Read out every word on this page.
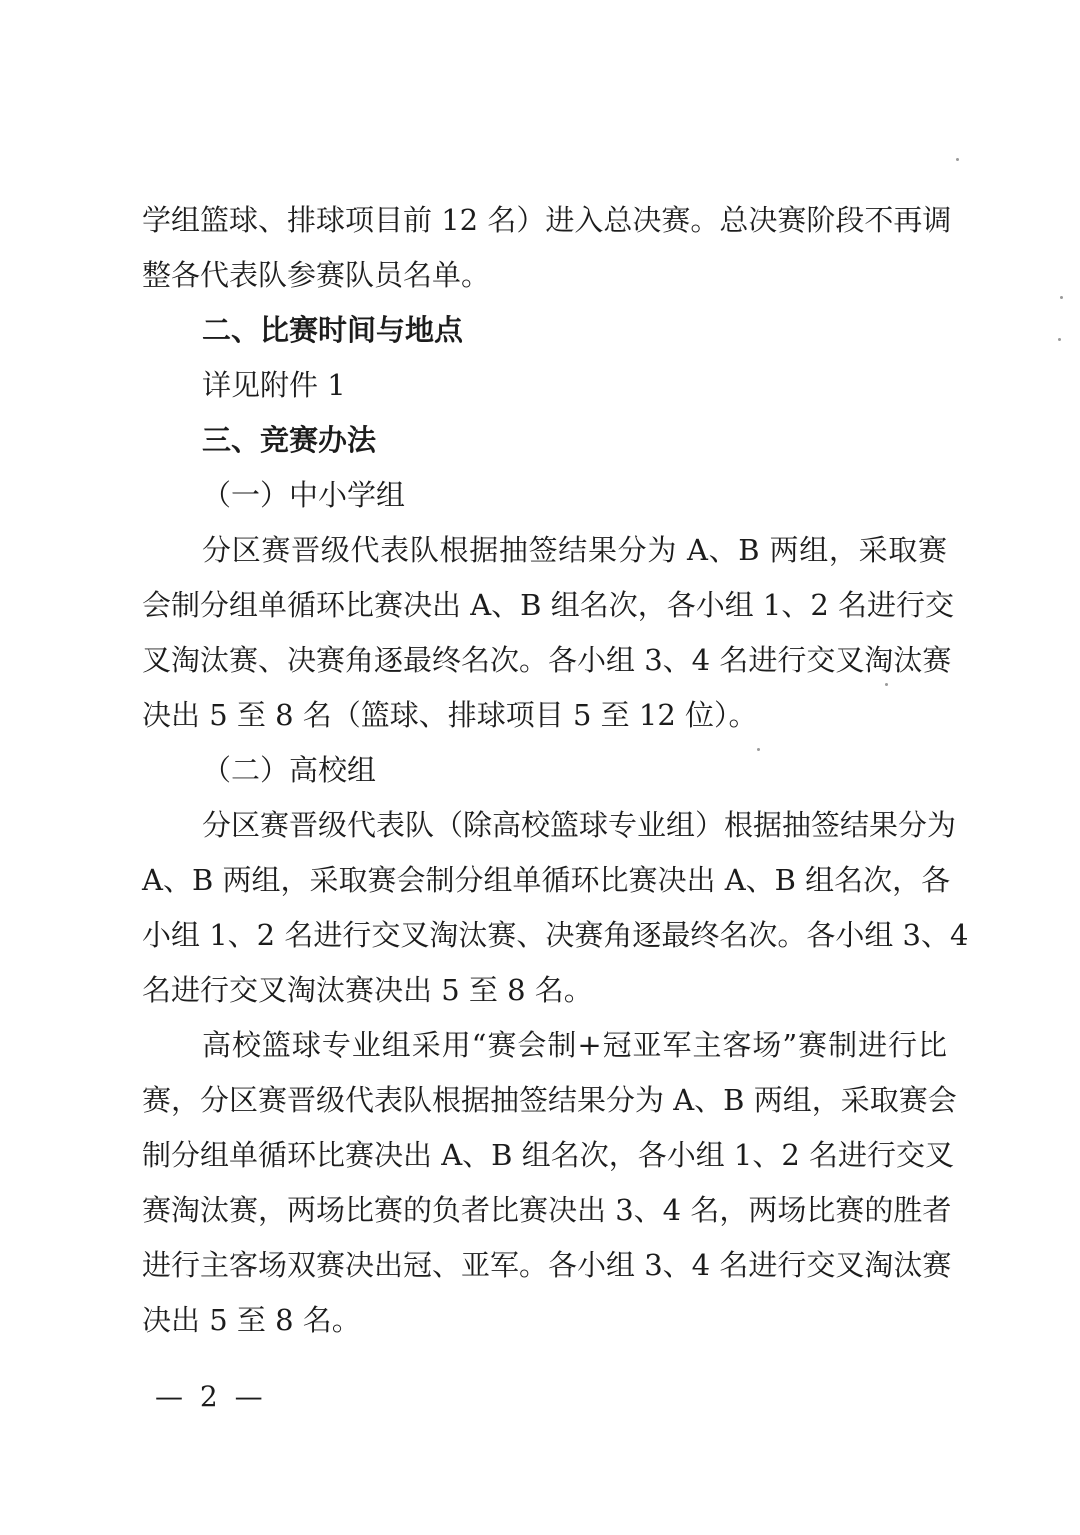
学组篮球、排球项目前 12 名）进入总决赛。总决赛阶段不再调
整各代表队参赛队员名单。
二、比赛时间与地点
详见附件 1
三、竞赛办法
（一）中小学组
分区赛晋级代表队根据抽签结果分为 A、B 两组，采取赛
会制分组单循环比赛决出 A、B 组名次，各小组 1、2 名进行交
叉淘汰赛、决赛角逐最终名次。各小组 3、4 名进行交叉淘汰赛
决出 5 至 8 名（篮球、排球项目 5 至 12 位）。
（二）高校组
分区赛晋级代表队（除高校篮球专业组）根据抽签结果分为
A、B 两组，采取赛会制分组单循环比赛决出 A、B 组名次，各
小组 1、2 名进行交叉淘汰赛、决赛角逐最终名次。各小组 3、4
名进行交叉淘汰赛决出 5 至 8 名。
高校篮球专业组采用“赛会制+冠亚军主客场”赛制进行比
赛，分区赛晋级代表队根据抽签结果分为 A、B 两组，采取赛会
制分组单循环比赛决出 A、B 组名次，各小组 1、2 名进行交叉
赛淘汰赛，两场比赛的负者比赛决出 3、4 名，两场比赛的胜者
进行主客场双赛决出冠、亚军。各小组 3、4 名进行交叉淘汰赛
决出 5 至 8 名。
— 2 —
